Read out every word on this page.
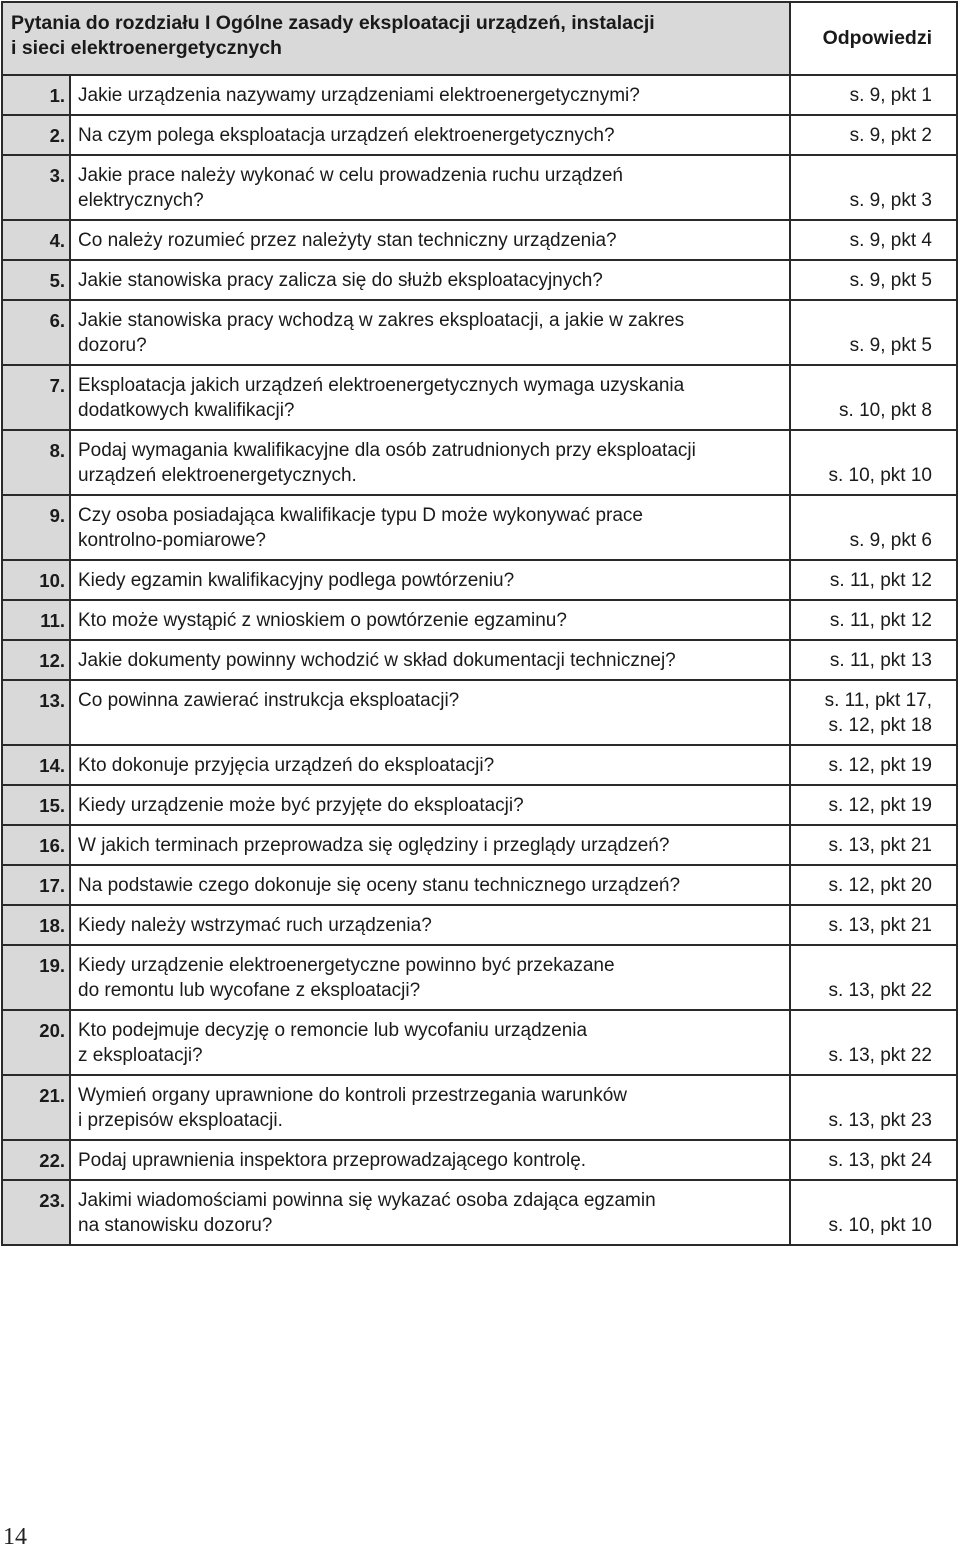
Pytania do rozdziału I Ogólne zasady eksploatacji urządzeń, instalacji
i sieci elektroenergetycznych		Odpowiedzi
1.	Jakie urządzenia nazywamy urządzeniami elektroenergetycznymi?	s. 9, pkt 1
2.	Na czym polega eksploatacja urządzeń elektroenergetycznych?	s. 9, pkt 2
3.	Jakie prace należy wykonać w celu prowadzenia ruchu urządzeń
elektrycznych?	s. 9, pkt 3
4.	Co należy rozumieć przez należyty stan techniczny urządzenia?	s. 9, pkt 4
5.	Jakie stanowiska pracy zalicza się do służb eksploatacyjnych?	s. 9, pkt 5
6.	Jakie stanowiska pracy wchodzą w zakres eksploatacji, a jakie w zakres
dozoru?	s. 9, pkt 5
7.	Eksploatacja jakich urządzeń elektroenergetycznych wymaga uzyskania
dodatkowych kwalifikacji?	s. 10, pkt 8
8.	Podaj wymagania kwalifikacyjne dla osób zatrudnionych przy eksploatacji
urządzeń elektroenergetycznych.	s. 10, pkt 10
9.	Czy osoba posiadająca kwalifikacje typu D może wykonywać prace
kontrolno-pomiarowe?	s. 9, pkt 6
10.	Kiedy egzamin kwalifikacyjny podlega powtórzeniu?	s. 11, pkt 12
11.	Kto może wystąpić z wnioskiem o powtórzenie egzaminu?	s. 11, pkt 12
12.	Jakie dokumenty powinny wchodzić w skład dokumentacji technicznej?	s. 11, pkt 13
13.	Co powinna zawierać instrukcja eksploatacji?	s. 11, pkt 17,
s. 12, pkt 18
14.	Kto dokonuje przyjęcia urządzeń do eksploatacji?	s. 12, pkt 19
15.	Kiedy urządzenie może być przyjęte do eksploatacji?	s. 12, pkt 19
16.	W jakich terminach przeprowadza się oględziny i przeglądy urządzeń?	s. 13, pkt 21
17.	Na podstawie czego dokonuje się oceny stanu technicznego urządzeń?	s. 12, pkt 20
18.	Kiedy należy wstrzymać ruch urządzenia?	s. 13, pkt 21
19.	Kiedy urządzenie elektroenergetyczne powinno być przekazane
do remontu lub wycofane z eksploatacji?	s. 13, pkt 22
20.	Kto podejmuje decyzję o remoncie lub wycofaniu urządzenia
z eksploatacji?	s. 13, pkt 22
21.	Wymień organy uprawnione do kontroli przestrzegania warunków
i przepisów eksploatacji.	s. 13, pkt 23
22.	Podaj uprawnienia inspektora przeprowadzającego kontrolę.	s. 13, pkt 24
23.	Jakimi wiadomościami powinna się wykazać osoba zdająca egzamin
na stanowisku dozoru?	s. 10, pkt 10
14
